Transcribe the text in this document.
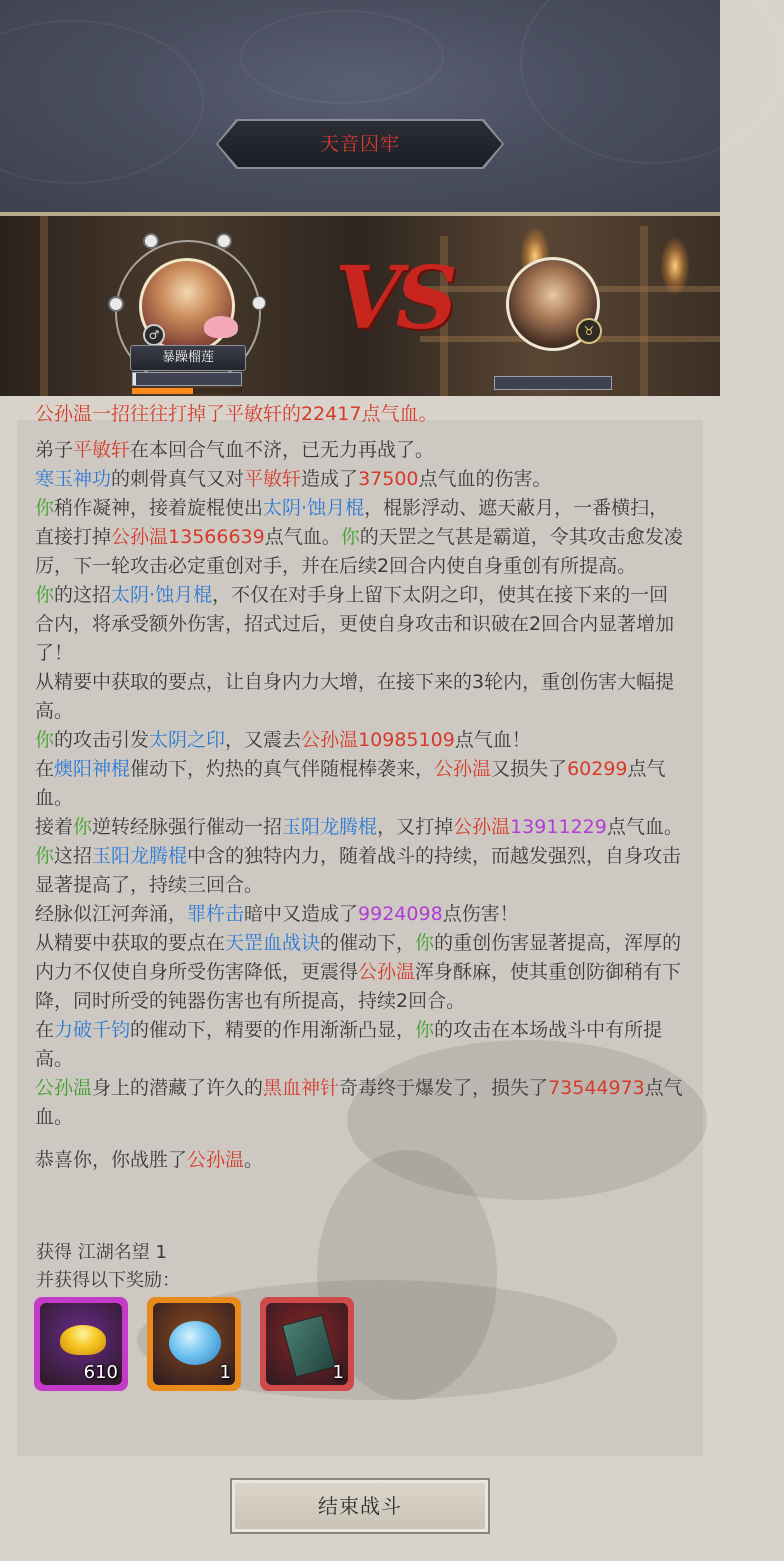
天音囚牢
♂
暴躁榴莲
VS	♉

公孙温一招往往打掉了平敏轩的22417点气血。

弟子平敏轩在本回合气血不济，已无力再战了。

寒玉神功的刺骨真气又对平敏轩造成了37500点气血的伤害。

你稍作凝神，接着旋棍使出太阴·蚀月棍，棍影浮动、遮天蔽月，一番横扫，直接打掉公孙温13566639点气血。你的天罡之气甚是霸道，令其攻击愈发凌厉，下一轮攻击必定重创对手，并在后续2回合内使自身重创有所提高。

你的这招太阴·蚀月棍，不仅在对手身上留下太阴之印，使其在接下来的一回合内，将承受额外伤害，招式过后，更使自身攻击和识破在2回合内显著增加了！

从精要中获取的要点，让自身内力大增，在接下来的3轮内，重创伤害大幅提高。

你的攻击引发太阴之印，又震去公孙温10985109点气血！

在燠阳神棍催动下，灼热的真气伴随棍棒袭来，公孙温又损失了60299点气血。

接着你逆转经脉强行催动一招玉阳龙腾棍，又打掉公孙温13911229点气血。

你这招玉阳龙腾棍中含的独特内力，随着战斗的持续，而越发强烈，自身攻击显著提高了，持续三回合。

经脉似江河奔涌，罪杵击暗中又造成了9924098点伤害！

从精要中获取的要点在天罡血战诀的催动下，你的重创伤害显著提高，浑厚的内力不仅使自身所受伤害降低，更震得公孙温浑身酥麻，使其重创防御稍有下降，同时所受的钝器伤害也有所提高，持续2回合。

在力破千钧的催动下，精要的作用渐渐凸显，你的攻击在本场战斗中有所提高。

公孙温身上的潜藏了许久的黑血神针奇毒终于爆发了，损失了73544973点气血。

恭喜你，你战胜了公孙温。

获得 江湖名望 1
并获得以下奖励：
610	1	1
结束战斗
